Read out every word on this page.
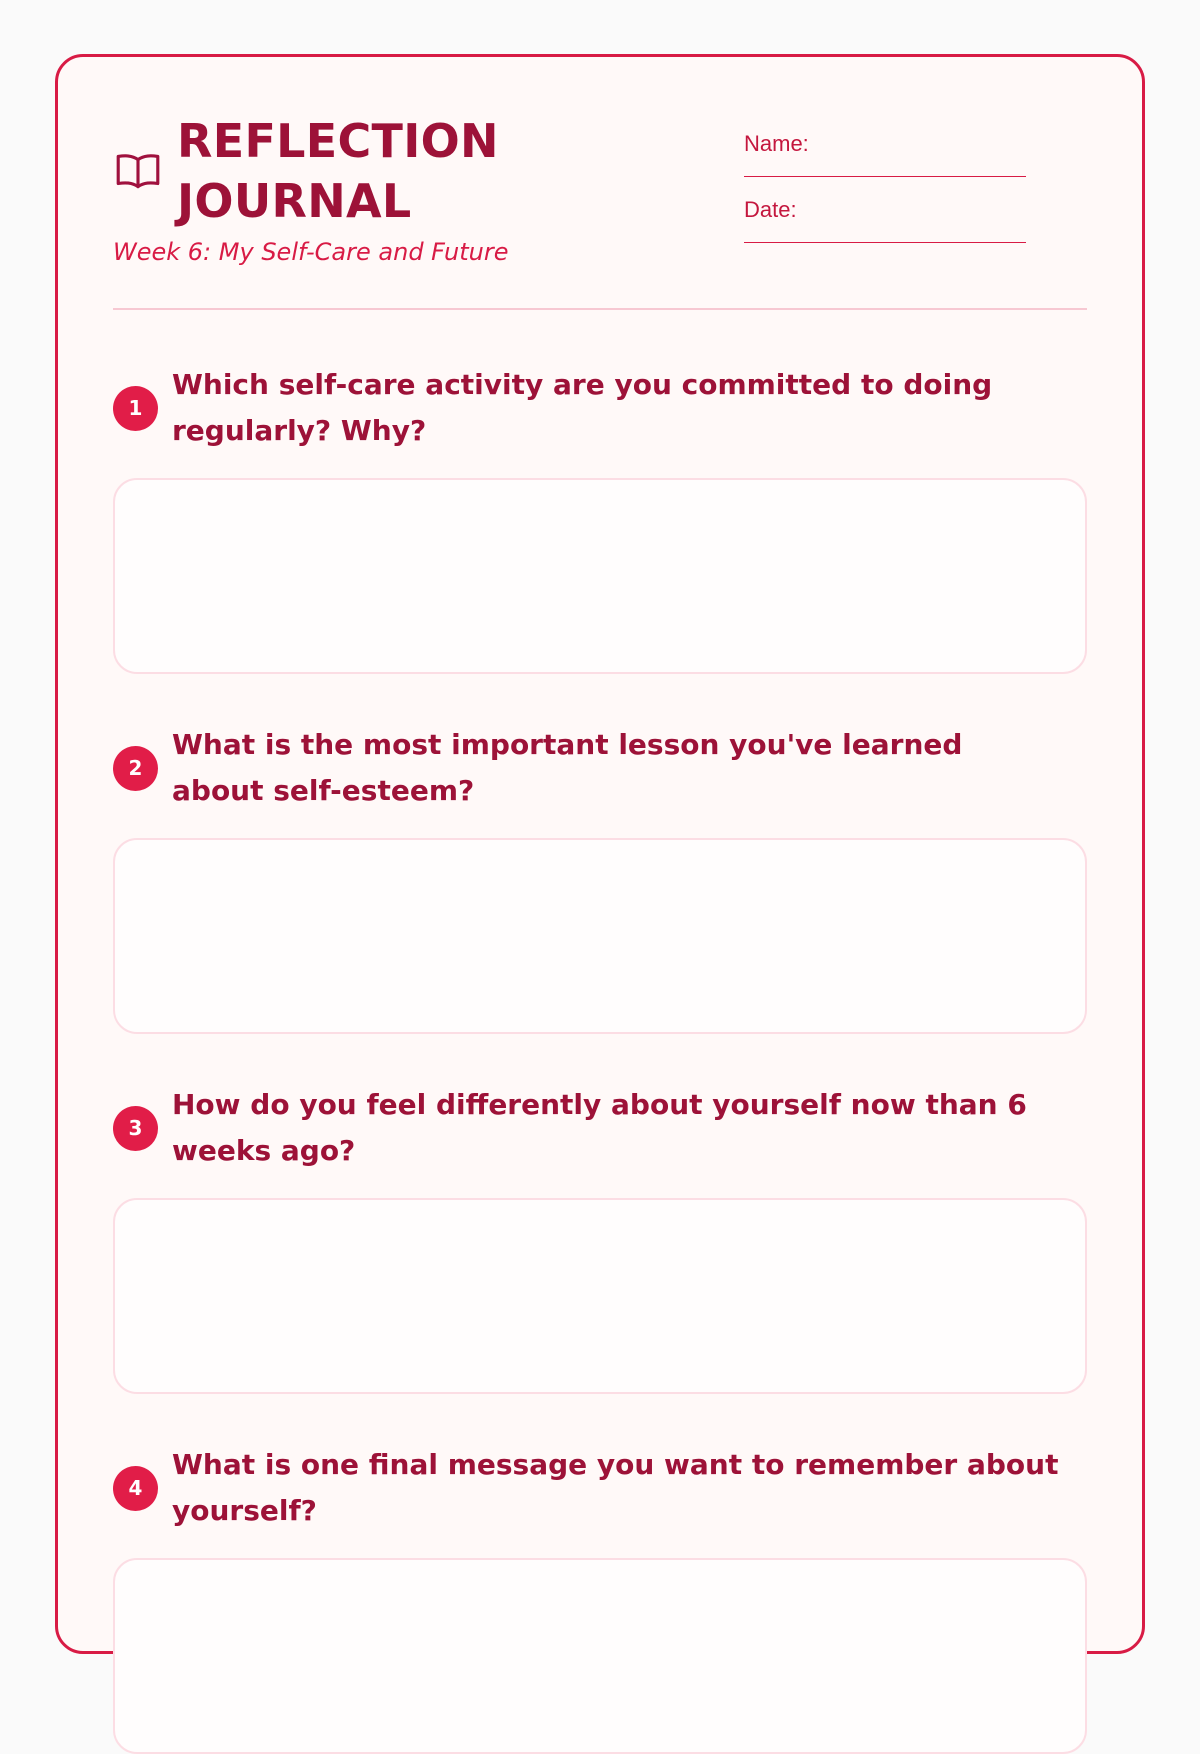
REFLECTION JOURNAL

Week 6: My Self-Care and Future

Name:
Date:
1

Which self-care activity are you committed to doing regularly? Why?

2

What is the most important lesson you've learned about self-esteem?

3

How do you feel differently about yourself now than 6 weeks ago?

4

What is one final message you want to remember about yourself?
